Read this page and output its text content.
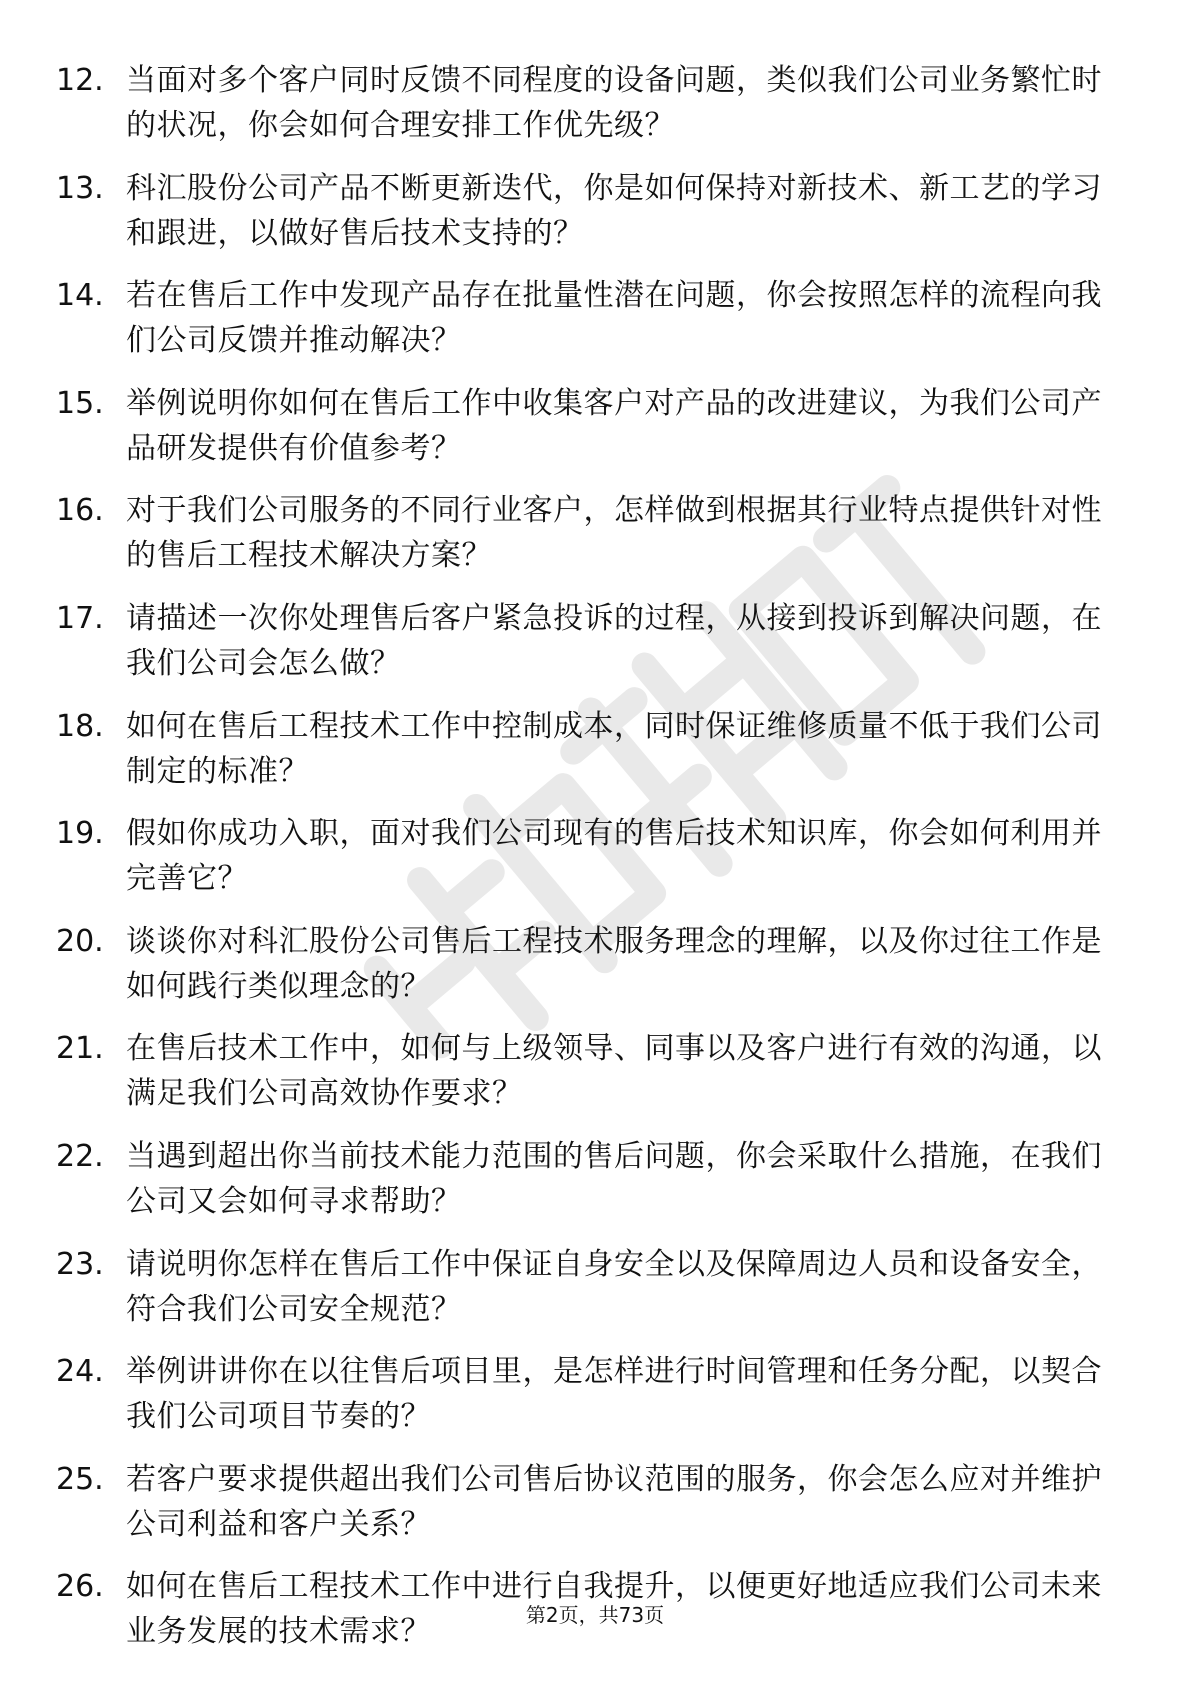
12. 当面对多个客户同时反馈不同程度的设备问题，类似我们公司业务繁忙时的状况，你会如何合理安排工作优先级？
13. 科汇股份公司产品不断更新迭代，你是如何保持对新技术、新工艺的学习和跟进，以做好售后技术支持的？
14. 若在售后工作中发现产品存在批量性潜在问题，你会按照怎样的流程向我们公司反馈并推动解决？
15. 举例说明你如何在售后工作中收集客户对产品的改进建议，为我们公司产品研发提供有价值参考？
16. 对于我们公司服务的不同行业客户，怎样做到根据其行业特点提供针对性的售后工程技术解决方案？
17. 请描述一次你处理售后客户紧急投诉的过程，从接到投诉到解决问题，在我们公司会怎么做？
18. 如何在售后工程技术工作中控制成本，同时保证维修质量不低于我们公司制定的标准？
19. 假如你成功入职，面对我们公司现有的售后技术知识库，你会如何利用并完善它？
20. 谈谈你对科汇股份公司售后工程技术服务理念的理解，以及你过往工作是如何践行类似理念的？
21. 在售后技术工作中，如何与上级领导、同事以及客户进行有效的沟通，以满足我们公司高效协作要求？
22. 当遇到超出你当前技术能力范围的售后问题，你会采取什么措施，在我们公司又会如何寻求帮助？
23. 请说明你怎样在售后工作中保证自身安全以及保障周边人员和设备安全，符合我们公司安全规范？
24. 举例讲讲你在以往售后项目里，是怎样进行时间管理和任务分配，以契合我们公司项目节奏的？
25. 若客户要求提供超出我们公司售后协议范围的服务，你会怎么应对并维护公司利益和客户关系？
26. 如何在售后工程技术工作中进行自我提升，以便更好地适应我们公司未来业务发展的技术需求？	第2页，共73页
